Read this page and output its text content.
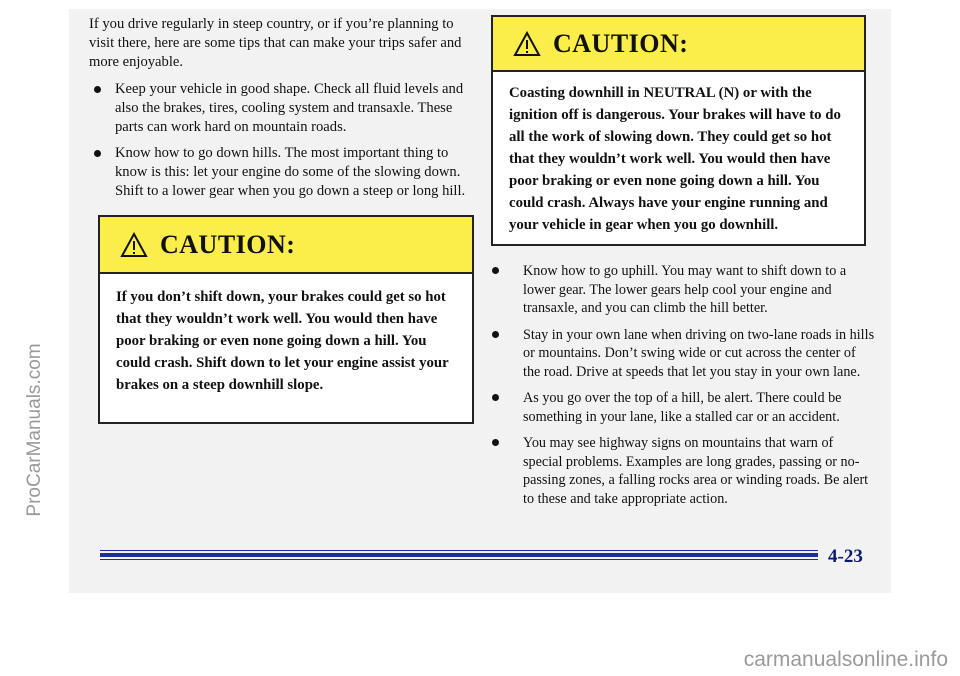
If you drive regularly in steep country, or if you’re planning to visit there, here are some tips that can make your trips safer and more enjoyable.

Keep your vehicle in good shape. Check all fluid levels and also the brakes, tires, cooling system and transaxle. These parts can work hard on mountain roads.
Know how to go down hills. The most important thing to know is this: let your engine do some of the slowing down. Shift to a lower gear when you go down a steep or long hill.
CAUTION:
If you don’t shift down, your brakes could get so hot that they wouldn’t work well. You would then have poor braking or even none going down a hill. You could crash. Shift down to let your engine assist your brakes on a steep downhill slope.
CAUTION:
Coasting downhill in NEUTRAL (N) or with the ignition off is dangerous. Your brakes will have to do all the work of slowing down. They could get so hot that they wouldn’t work well. You would then have poor braking or even none going down a hill. You could crash. Always have your engine running and your vehicle in gear when you go downhill.
Know how to go uphill. You may want to shift down to a lower gear. The lower gears help cool your engine and transaxle, and you can climb the hill better.
Stay in your own lane when driving on two-lane roads in hills or mountains. Don’t swing wide or cut across the center of the road. Drive at speeds that let you stay in your own lane.
As you go over the top of a hill, be alert. There could be something in your lane, like a stalled car or an accident.
You may see highway signs on mountains that warn of special problems. Examples are long grades, passing or no-passing zones, a falling rocks area or winding roads. Be alert to these and take appropriate action.
4-23
ProCarManuals.com
carmanualsonline.info
